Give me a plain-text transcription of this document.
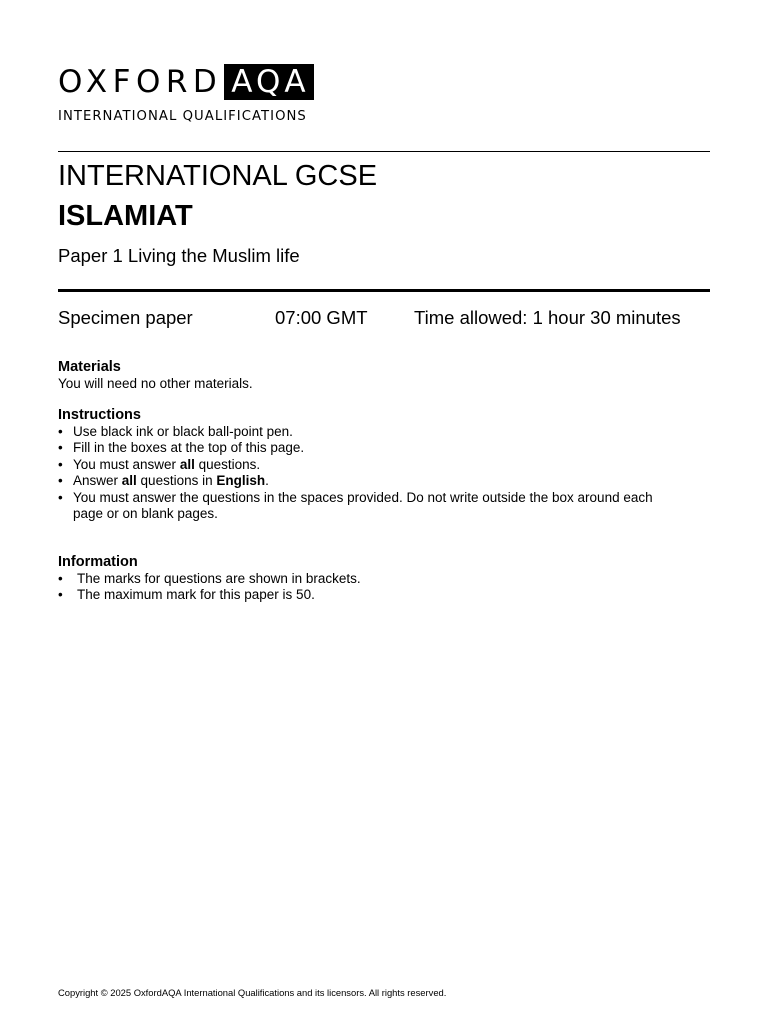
OXFORD AQA
INTERNATIONAL QUALIFICATIONS
INTERNATIONAL GCSE
ISLAMIAT
Paper 1 Living the Muslim life
Specimen paper	07:00 GMT	Time allowed: 1 hour 30 minutes
Materials
You will need no other materials.
Instructions
• Use black ink or black ball-point pen.
• Fill in the boxes at the top of this page.
• You must answer all questions.
• Answer all questions in English.
• You must answer the questions in the spaces provided. Do not write outside the box around each
page or on blank pages.
Information
• The marks for questions are shown in brackets.
• The maximum mark for this paper is 50.
Copyright © 2025 OxfordAQA International Qualifications and its licensors. All rights reserved.
